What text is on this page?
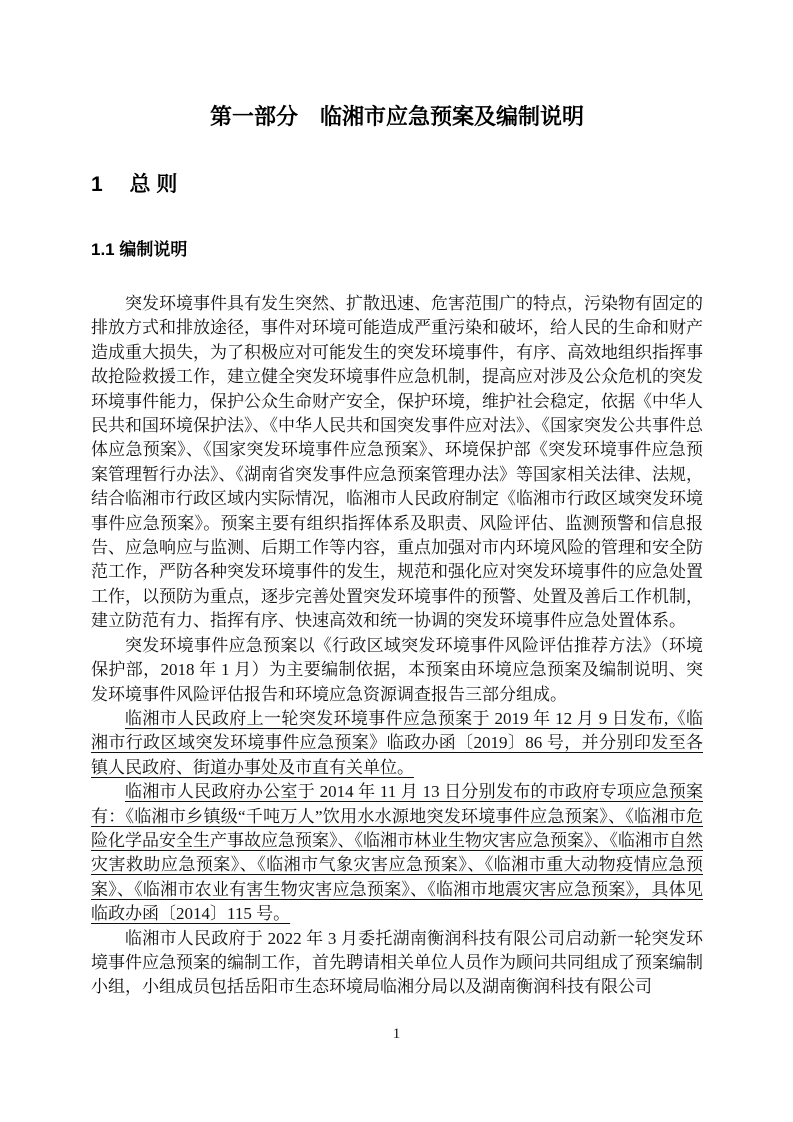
第一部分　临湘市应急预案及编制说明
1　 总 则
1.1 编制说明

突发环境事件具有发生突然、扩散迅速、危害范围广的特点，污染物有固定的排放方式和排放途径，事件对环境可能造成严重污染和破坏，给人民的生命和财产造成重大损失，为了积极应对可能发生的突发环境事件，有序、高效地组织指挥事故抢险救援工作，建立健全突发环境事件应急机制，提高应对涉及公众危机的突发环境事件能力，保护公众生命财产安全，保护环境，维护社会稳定，依据《中华人民共和国环境保护法》、《中华人民共和国突发事件应对法》、《国家突发公共事件总体应急预案》、《国家突发环境事件应急预案》、环境保护部《突发环境事件应急预案管理暂行办法》、《湖南省突发事件应急预案管理办法》等国家相关法律、法规，结合临湘市行政区域内实际情况，临湘市人民政府制定《临湘市行政区域突发环境事件应急预案》。预案主要有组织指挥体系及职责、风险评估、监测预警和信息报告、应急响应与监测、后期工作等内容，重点加强对市内环境风险的管理和安全防范工作，严防各种突发环境事件的发生，规范和强化应对突发环境事件的应急处置工作，以预防为重点，逐步完善处置突发环境事件的预警、处置及善后工作机制，建立防范有力、指挥有序、快速高效和统一协调的突发环境事件应急处置体系。

突发环境事件应急预案以《行政区域突发环境事件风险评估推荐方法》（环境保护部，2018 年 1 月）为主要编制依据，本预案由环境应急预案及编制说明、突发环境事件风险评估报告和环境应急资源调查报告三部分组成。

临湘市人民政府上一轮突发环境事件应急预案于 2019 年 12 月 9 日发布,《临湘市行政区域突发环境事件应急预案》临政办函〔2019〕86 号，并分别印发至各镇人民政府、街道办事处及市直有关单位。

临湘市人民政府办公室于 2014 年 11 月 13 日分别发布的市政府专项应急预案有：《临湘市乡镇级“千吨万人”饮用水水源地突发环境事件应急预案》、《临湘市危险化学品安全生产事故应急预案》、《临湘市林业生物灾害应急预案》、《临湘市自然灾害救助应急预案》、《临湘市气象灾害应急预案》、《临湘市重大动物疫情应急预案》、《临湘市农业有害生物灾害应急预案》、《临湘市地震灾害应急预案》，具体见临政办函〔2014〕115 号。

临湘市人民政府于 2022 年 3 月委托湖南衡润科技有限公司启动新一轮突发环境事件应急预案的编制工作，首先聘请相关单位人员作为顾问共同组成了预案编制小组，小组成员包括岳阳市生态环境局临湘分局以及湖南衡润科技有限公司

1
